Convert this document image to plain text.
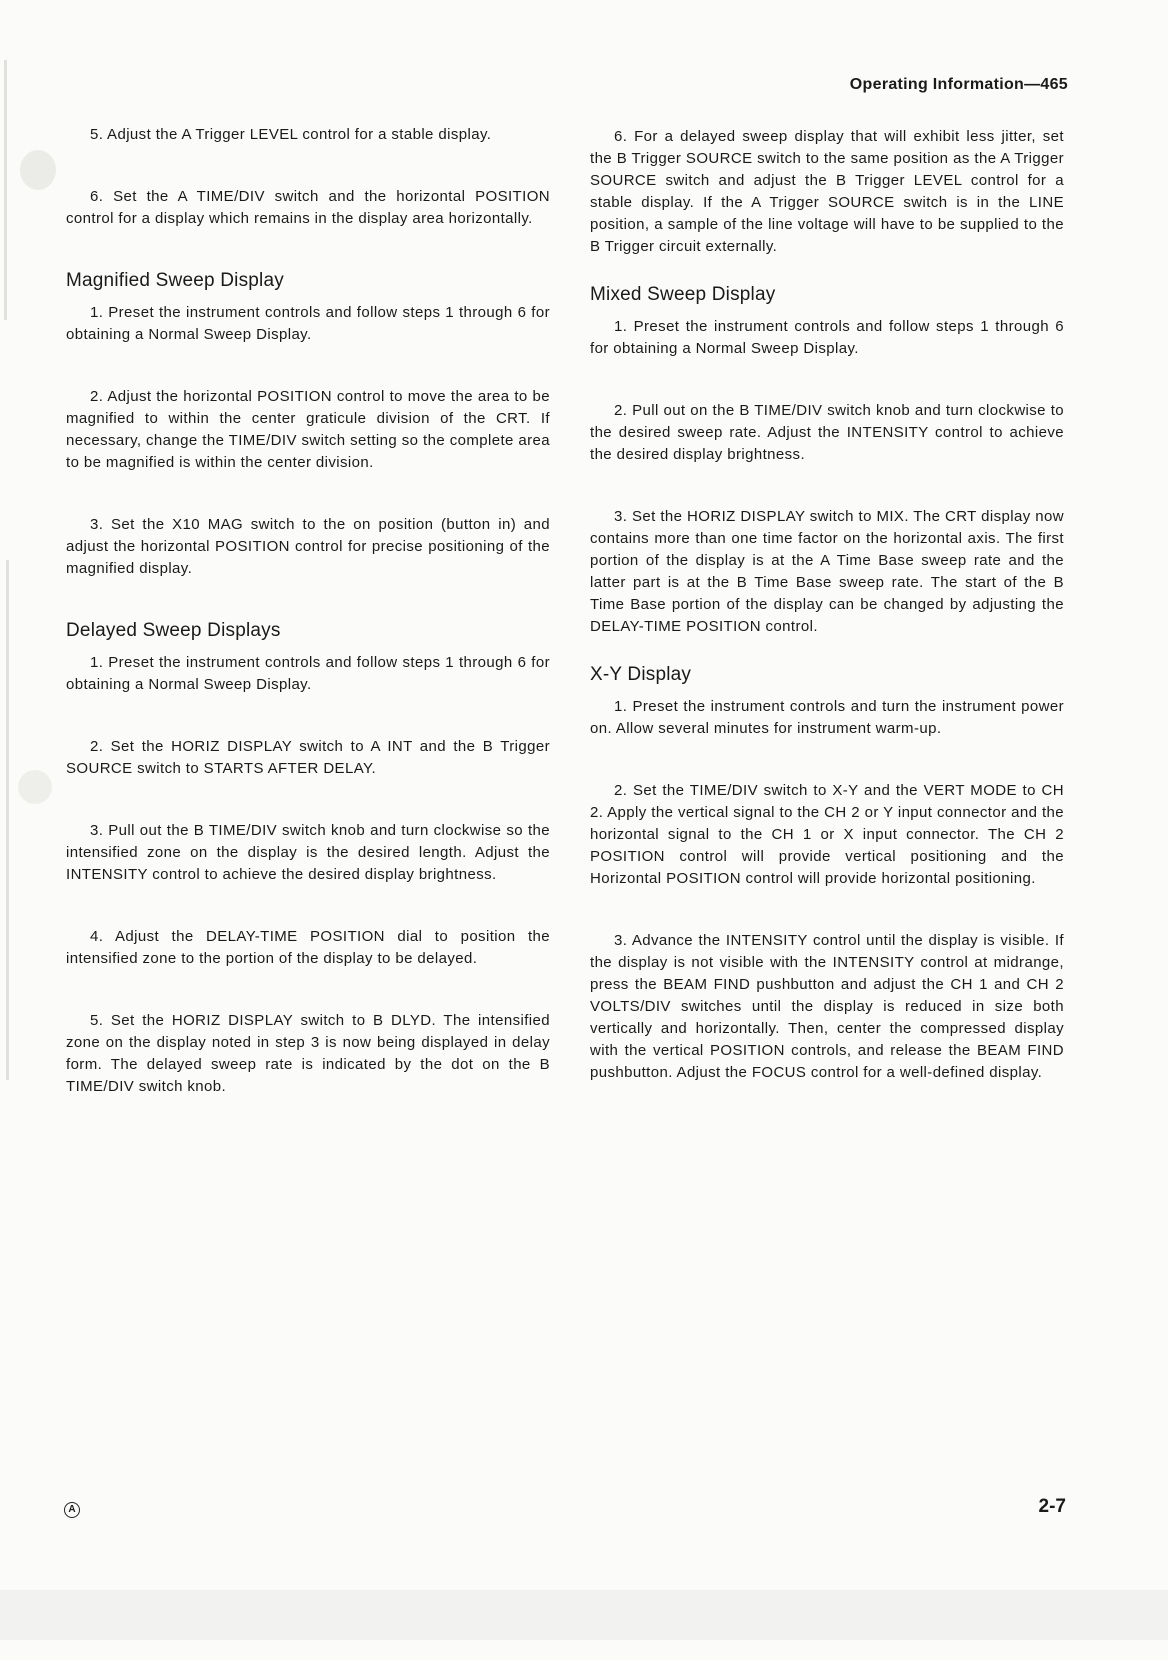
Operating Information—465

5. Adjust the A Trigger LEVEL control for a stable display.

6. Set the A TIME/DIV switch and the horizontal POSITION control for a display which remains in the display area horizontally.

Magnified Sweep Display

1. Preset the instrument controls and follow steps 1 through 6 for obtaining a Normal Sweep Display.

2. Adjust the horizontal POSITION control to move the area to be magnified to within the center graticule division of the CRT. If necessary, change the TIME/DIV switch setting so the complete area to be magnified is within the center division.

3. Set the X10 MAG switch to the on position (button in) and adjust the horizontal POSITION control for precise positioning of the magnified display.

Delayed Sweep Displays

1. Preset the instrument controls and follow steps 1 through 6 for obtaining a Normal Sweep Display.

2. Set the HORIZ DISPLAY switch to A INT and the B Trigger SOURCE switch to STARTS AFTER DELAY.

3. Pull out the B TIME/DIV switch knob and turn clockwise so the intensified zone on the display is the desired length. Adjust the INTENSITY control to achieve the desired display brightness.

4. Adjust the DELAY-TIME POSITION dial to position the intensified zone to the portion of the display to be delayed.

5. Set the HORIZ DISPLAY switch to B DLYD. The intensified zone on the display noted in step 3 is now being displayed in delay form. The delayed sweep rate is indicated by the dot on the B TIME/DIV switch knob.

6. For a delayed sweep display that will exhibit less jitter, set the B Trigger SOURCE switch to the same position as the A Trigger SOURCE switch and adjust the B Trigger LEVEL control for a stable display. If the A Trigger SOURCE switch is in the LINE position, a sample of the line voltage will have to be supplied to the B Trigger circuit externally.

Mixed Sweep Display

1. Preset the instrument controls and follow steps 1 through 6 for obtaining a Normal Sweep Display.

2. Pull out on the B TIME/DIV switch knob and turn clockwise to the desired sweep rate. Adjust the INTENSITY control to achieve the desired display brightness.

3. Set the HORIZ DISPLAY switch to MIX. The CRT display now contains more than one time factor on the horizontal axis. The first portion of the display is at the A Time Base sweep rate and the latter part is at the B Time Base sweep rate. The start of the B Time Base portion of the display can be changed by adjusting the DELAY-TIME POSITION control.

X-Y Display

1. Preset the instrument controls and turn the instrument power on. Allow several minutes for instrument warm-up.

2. Set the TIME/DIV switch to X-Y and the VERT MODE to CH 2. Apply the vertical signal to the CH 2 or Y input connector and the horizontal signal to the CH 1 or X input connector. The CH 2 POSITION control will provide vertical positioning and the Horizontal POSITION control will provide horizontal positioning.

3. Advance the INTENSITY control until the display is visible. If the display is not visible with the INTENSITY control at midrange, press the BEAM FIND pushbutton and adjust the CH 1 and CH 2 VOLTS/DIV switches until the display is reduced in size both vertically and horizontally. Then, center the compressed display with the vertical POSITION controls, and release the BEAM FIND pushbutton. Adjust the FOCUS control for a well-defined display.

A	2-7
